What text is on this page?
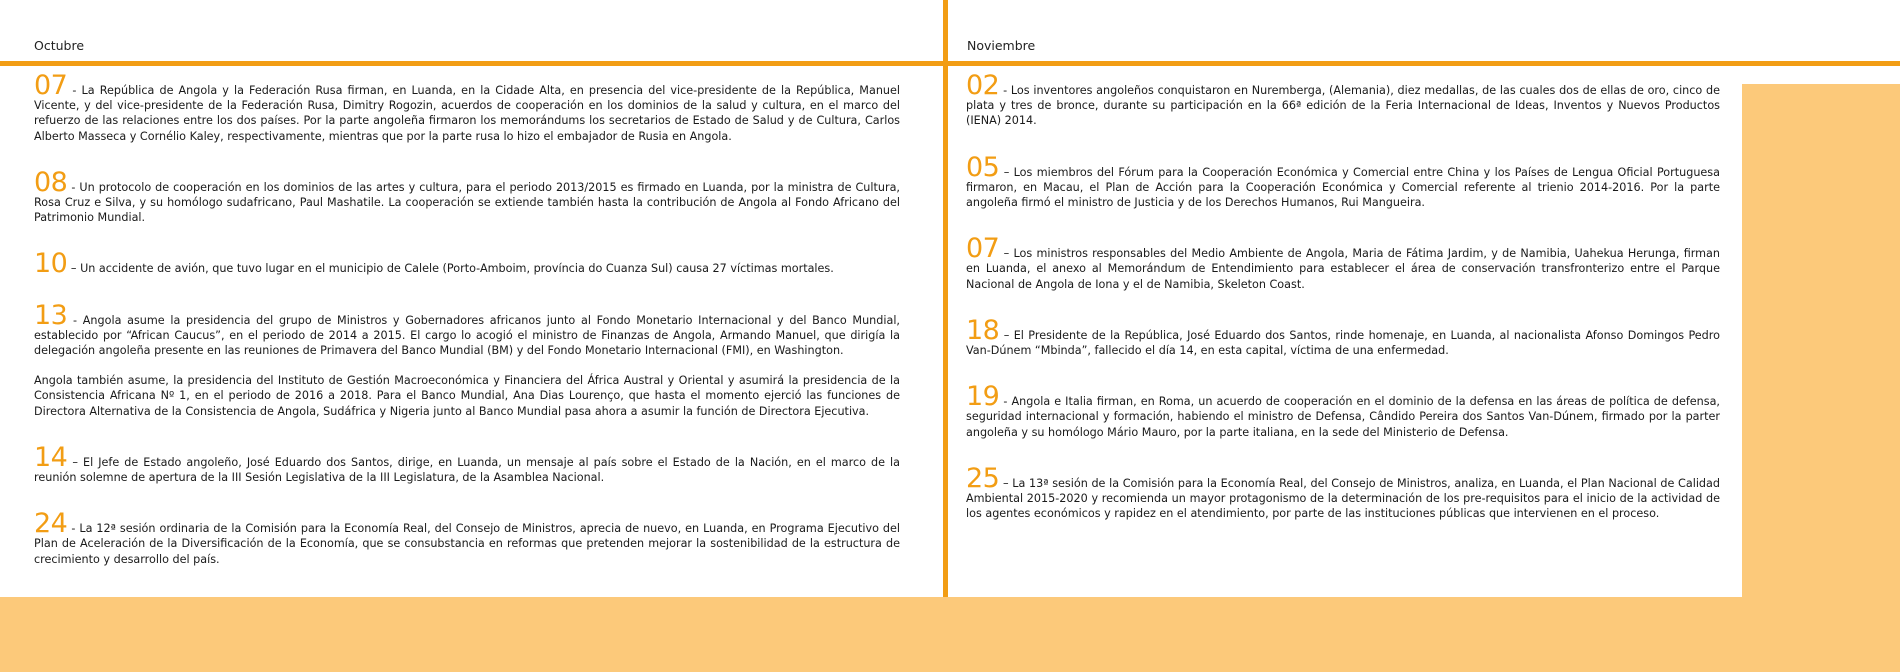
Octubre	Noviembre

07 - La República de Angola y la Federación Rusa firman, en Luanda, en la Cidade Alta, en presencia del vice-presidente de la República, Manuel Vicente, y del vice-presidente de la Federación Rusa, Dimitry Rogozin, acuerdos de cooperación en los dominios de la salud y cultura, en el marco del refuerzo de las relaciones entre los dos países. Por la parte angoleña firmaron los memorándums los secretarios de Estado de Salud y de Cultura, Carlos Alberto Masseca y Cornélio Kaley, respectivamente, mientras que por la parte rusa lo hizo el embajador de Rusia en Angola.

08 - Un protocolo de cooperación en los dominios de las artes y cultura, para el periodo 2013/2015 es firmado en Luanda, por la ministra de Cultura, Rosa Cruz e Silva, y su homólogo sudafricano, Paul Mashatile. La cooperación se extiende también hasta la contribución de Angola al Fondo Africano del Patrimonio Mundial.

10 – Un accidente de avión, que tuvo lugar en el municipio de Calele (Porto-Amboim, província do Cuanza Sul) causa 27 víctimas mortales.

13 - Angola asume la presidencia del grupo de Ministros y Gobernadores africanos junto al Fondo Monetario Internacional y del Banco Mundial, establecido por “African Caucus”, en el periodo de 2014 a 2015. El cargo lo acogió el ministro de Finanzas de Angola, Armando Manuel, que dirigía la delegación angoleña presente en las reuniones de Primavera del Banco Mundial (BM) y del Fondo Monetario Internacional (FMI), en Washington.

Angola también asume, la presidencia del Instituto de Gestión Macroeconómica y Financiera del África Austral y Oriental y asumirá la presidencia de la Consistencia Africana Nº 1, en el periodo de 2016 a 2018. Para el Banco Mundial, Ana Dias Lourenço, que hasta el momento ejerció las funciones de Directora Alternativa de la Consistencia de Angola, Sudáfrica y Nigeria junto al Banco Mundial pasa ahora a asumir la función de Directora Ejecutiva.

14 – El Jefe de Estado angoleño, José Eduardo dos Santos, dirige, en Luanda, un mensaje al país sobre el Estado de la Nación, en el marco de la reunión solemne de apertura de la III Sesión Legislativa de la III Legislatura, de la Asamblea Nacional.

24 - La 12ª sesión ordinaria de la Comisión para la Economía Real, del Consejo de Ministros, aprecia de nuevo, en Luanda, en Programa Ejecutivo del Plan de Aceleración de la Diversificación de la Economía, que se consubstancia en reformas que pretenden mejorar la sostenibilidad de la estructura de crecimiento y desarrollo del país.

02 - Los inventores angoleños conquistaron en Nuremberga, (Alemania), diez medallas, de las cuales dos de ellas de oro, cinco de plata y tres de bronce, durante su participación en la 66ª edición de la Feria Internacional de Ideas, Inventos y Nuevos Productos (IENA) 2014.

05 – Los miembros del Fórum para la Cooperación Económica y Comercial entre China y los Países de Lengua Oficial Portuguesa firmaron, en Macau, el Plan de Acción para la Cooperación Económica y Comercial referente al trienio 2014-2016. Por la parte angoleña firmó el ministro de Justicia y de los Derechos Humanos, Rui Mangueira.

07 – Los ministros responsables del Medio Ambiente de Angola, Maria de Fátima Jardim, y de Namibia, Uahekua Herunga, firman en Luanda, el anexo al Memorándum de Entendimiento para establecer el área de conservación transfronterizo entre el Parque Nacional de Angola de Iona y el de Namibia, Skeleton Coast.

18 – El Presidente de la República, José Eduardo dos Santos, rinde homenaje, en Luanda, al nacionalista Afonso Domingos Pedro Van-Dúnem “Mbinda”, fallecido el día 14, en esta capital, víctima de una enfermedad.

19 - Angola e Italia firman, en Roma, un acuerdo de cooperación en el dominio de la defensa en las áreas de política de defensa, seguridad internacional y formación, habiendo el ministro de Defensa, Cândido Pereira dos Santos Van-Dúnem, firmado por la parter angoleña y su homólogo Mário Mauro, por la parte italiana, en la sede del Ministerio de Defensa.

25 – La 13ª sesión de la Comisión para la Economía Real, del Consejo de Ministros, analiza, en Luanda, el Plan Nacional de Calidad Ambiental 2015-2020 y recomienda un mayor protagonismo de la determinación de los pre-requisitos para el inicio de la actividad de los agentes económicos y rapidez en el atendimiento, por parte de las instituciones públicas que intervienen en el proceso.
